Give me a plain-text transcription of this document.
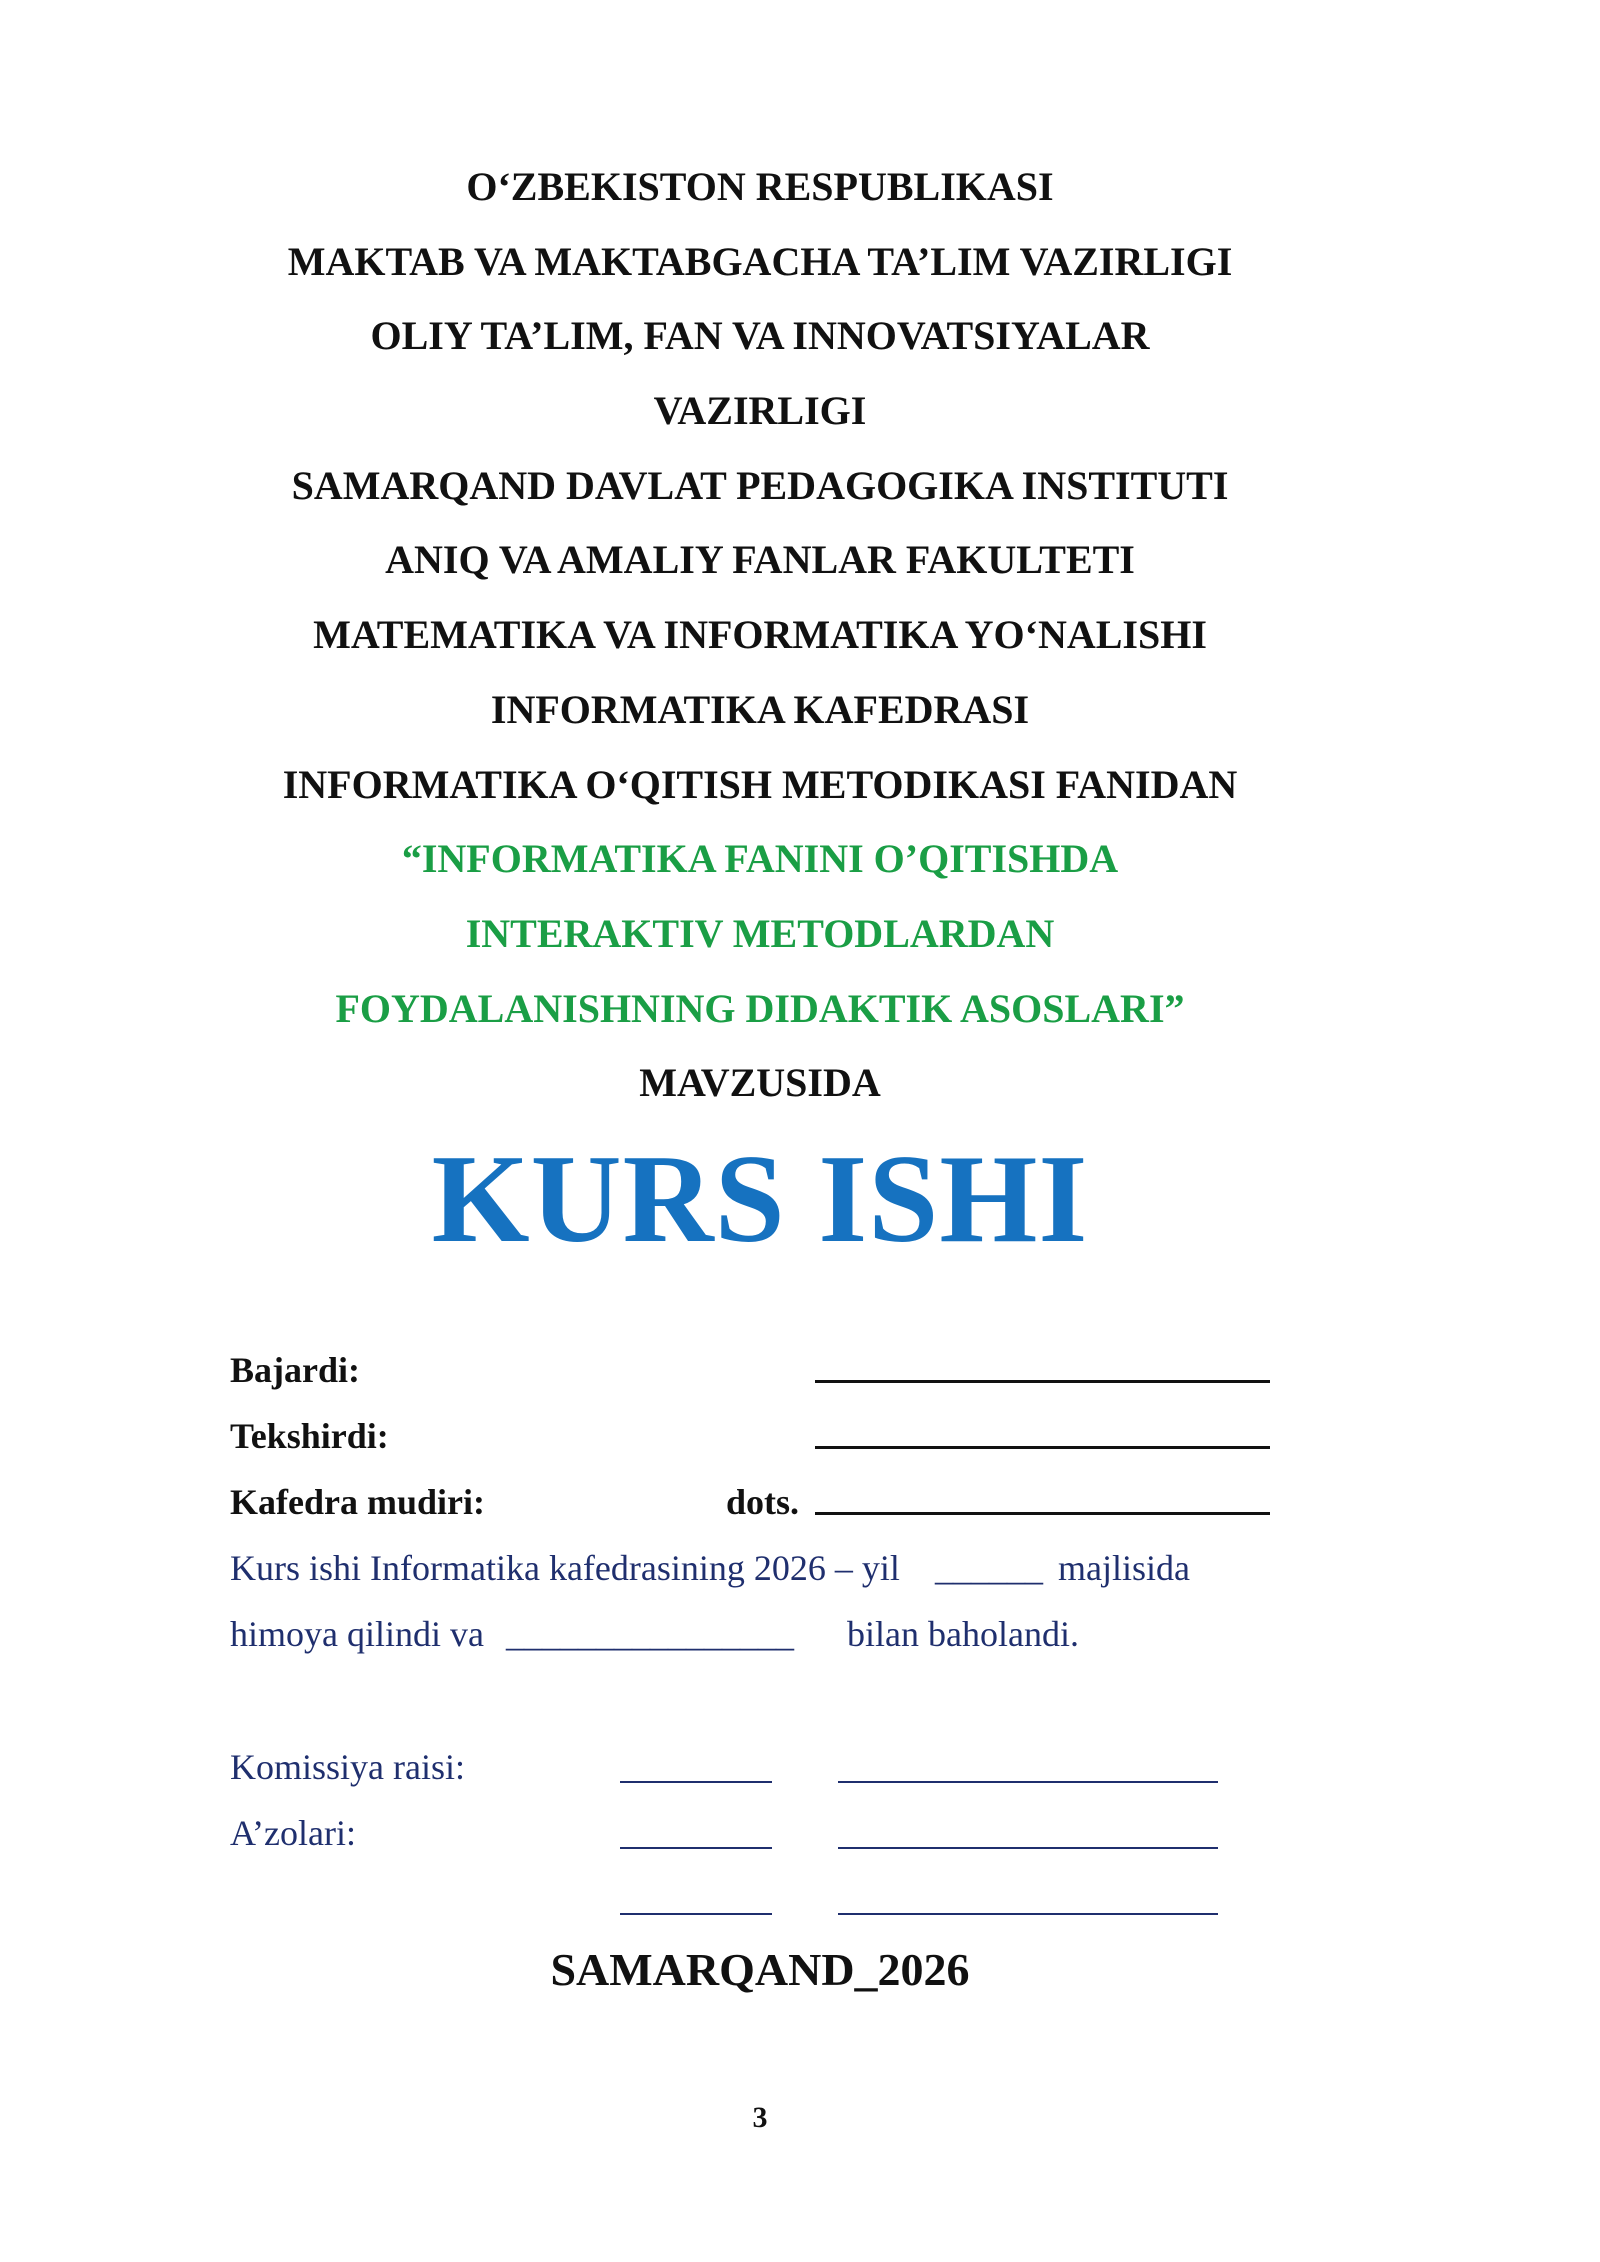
O‘ZBEKISTON RESPUBLIKASI
MAKTAB VA MAKTABGACHA TA’LIM VAZIRLIGI
OLIY TA’LIM, FAN VA INNOVATSIYALAR
VAZIRLIGI
SAMARQAND DAVLAT PEDAGOGIKA INSTITUTI
ANIQ VA AMALIY FANLAR FAKULTETI
MATEMATIKA VA INFORMATIKA YO‘NALISHI
INFORMATIKA KAFEDRASI
INFORMATIKA O‘QITISH METODIKASI FANIDAN
“INFORMATIKA FANINI O’QITISHDA
INTERAKTIV METODLARDAN
FOYDALANISHNING DIDAKTIK ASOSLARI”
MAVZUSIDA
KURS ISHI
Bajardi:
Tekshirdi:
Kafedra mudiri:	dots.
Kurs ishi Informatika kafedrasining 2026 – yil ______ majlisida
himoya qilindi va ________________ bilan baholandi.
Komissiya raisi:
A’zolari:
SAMARQAND_2026
3
